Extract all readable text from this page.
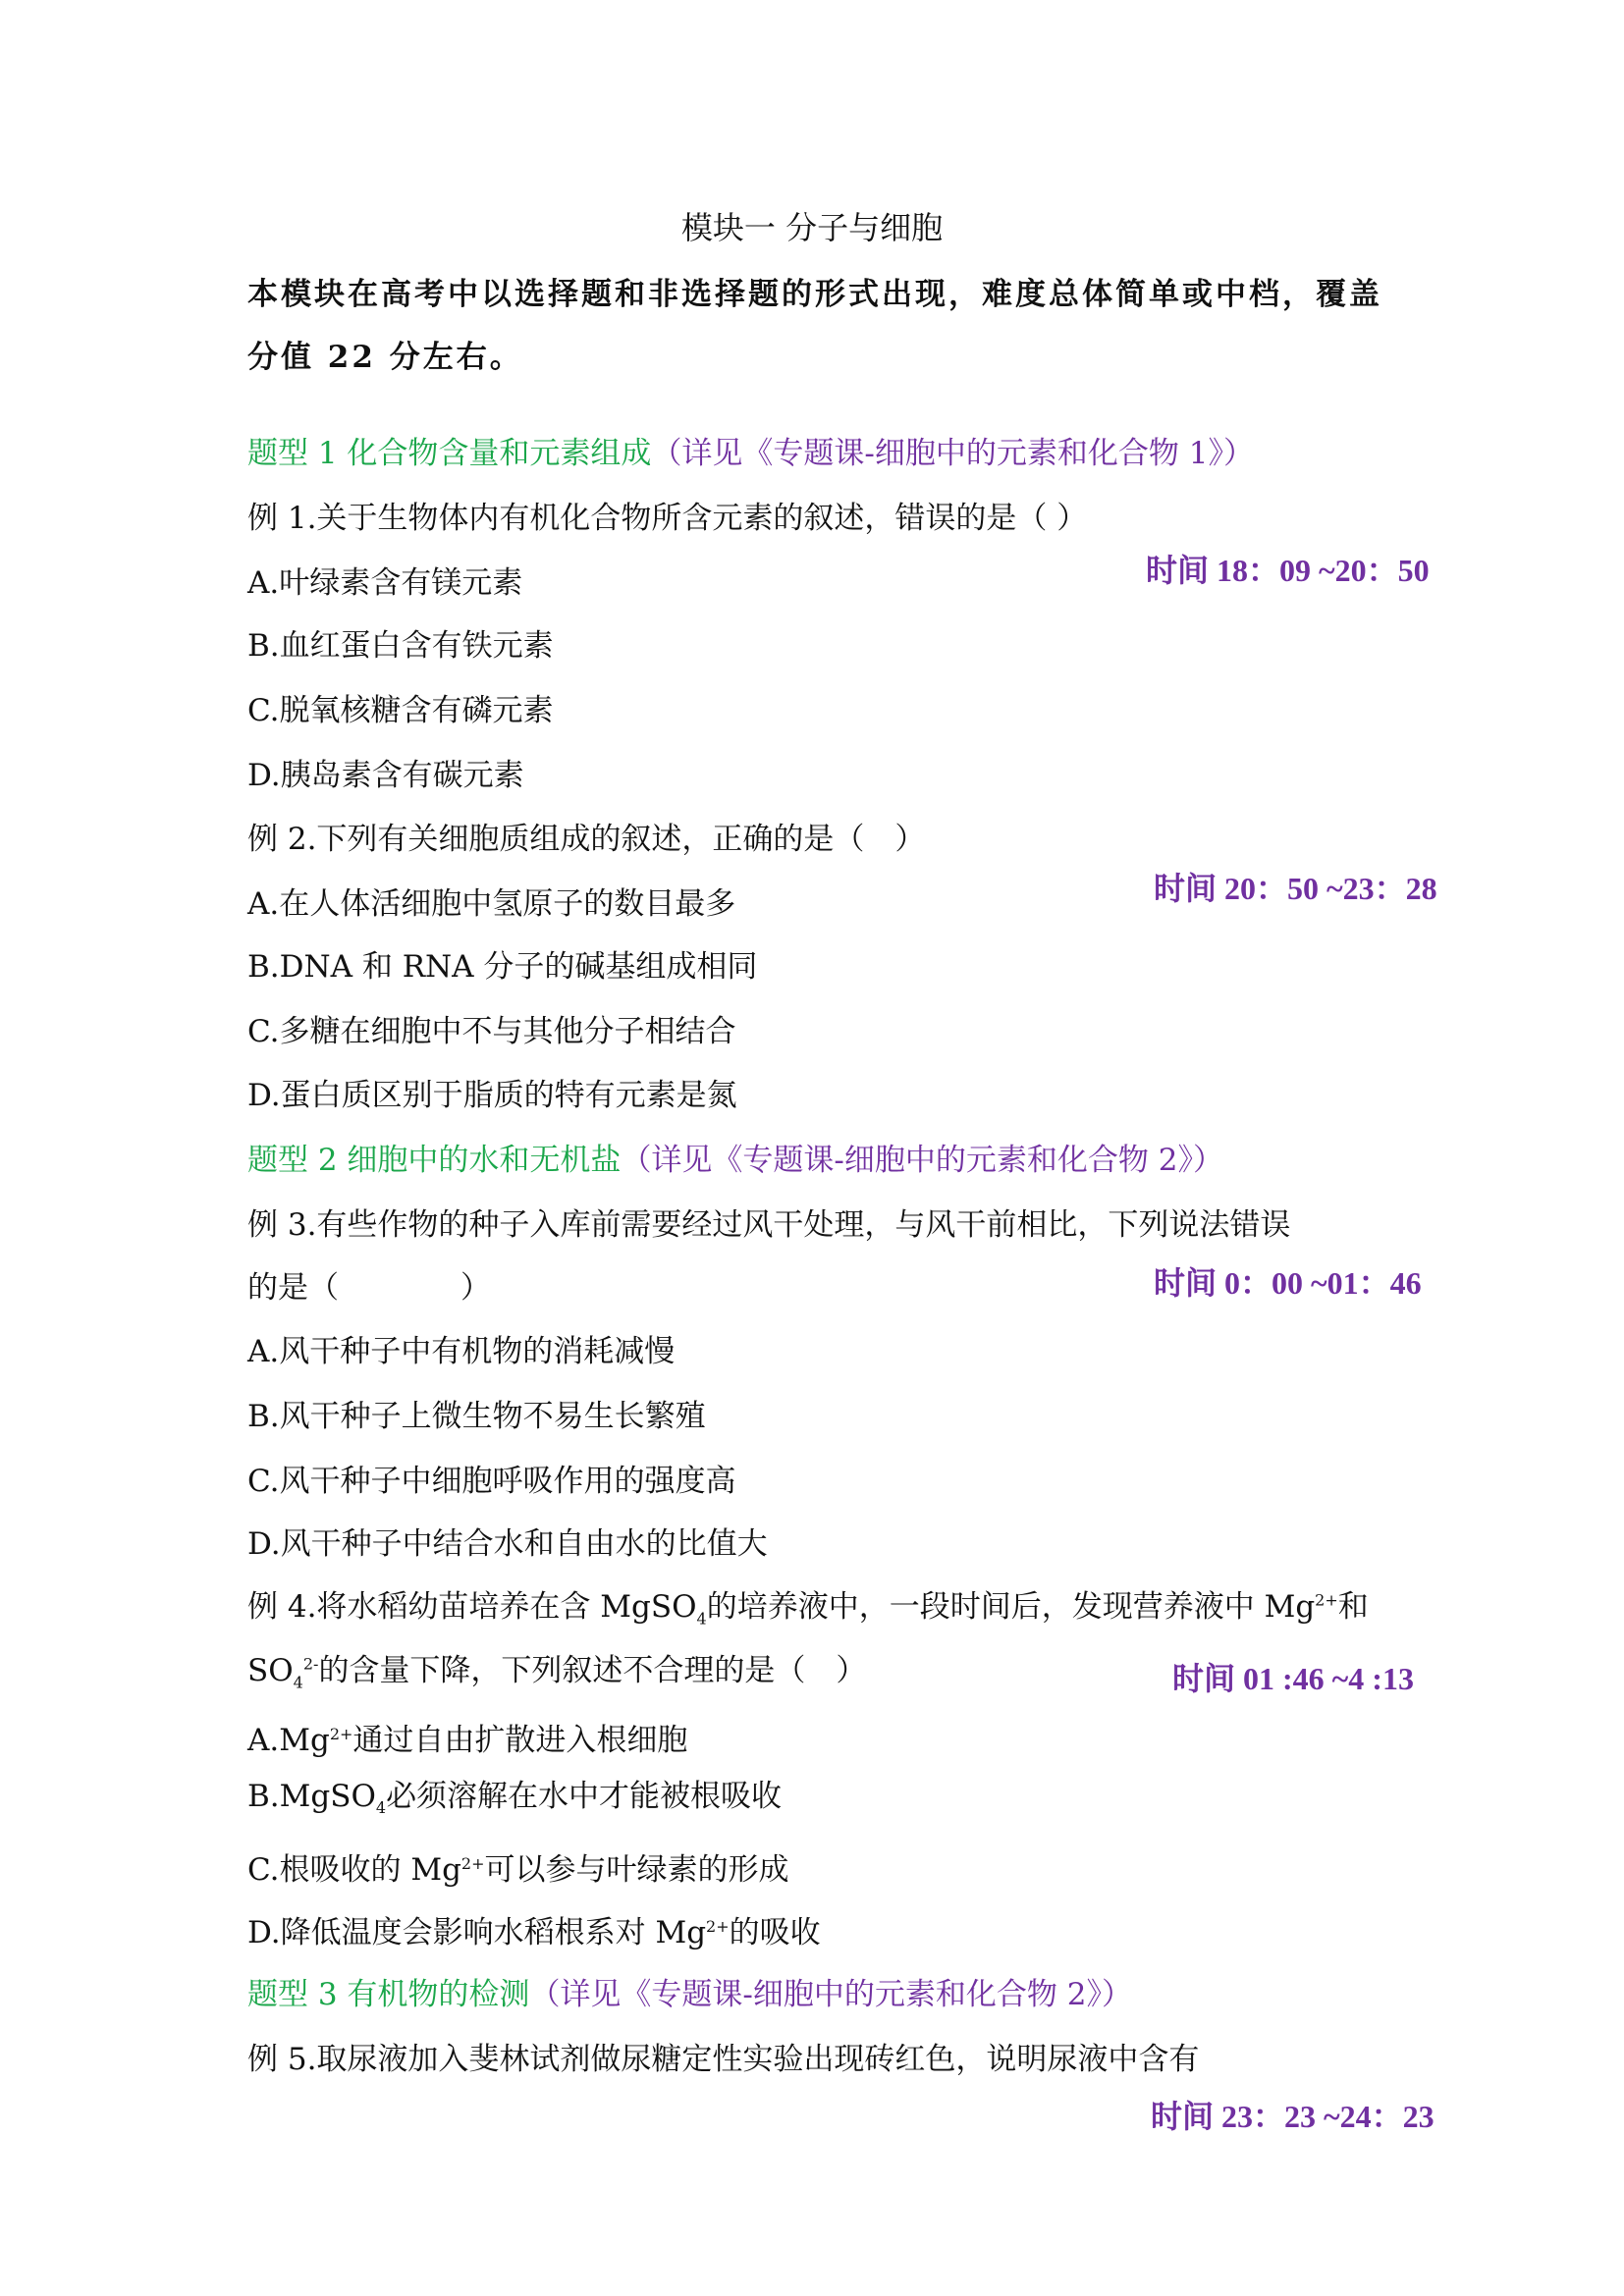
模块一 分子与细胞
本模块在高考中以选择题和非选择题的形式出现，难度总体简单或中档，覆盖
分值 22 分左右。
题型 1 化合物含量和元素组成（详见《专题课-细胞中的元素和化合物 1》）
例 1.关于生物体内有机化合物所含元素的叙述，错误的是（ ）
A.叶绿素含有镁元素
B.血红蛋白含有铁元素
C.脱氧核糖含有磷元素
D.胰岛素含有碳元素
时间 18：09 ~20：50
例 2.下列有关细胞质组成的叙述，正确的是（　）
A.在人体活细胞中氢原子的数目最多
B.DNA 和 RNA 分子的碱基组成相同
C.多糖在细胞中不与其他分子相结合
D.蛋白质区别于脂质的特有元素是氮
时间 20：50 ~23：28
题型 2 细胞中的水和无机盐（详见《专题课-细胞中的元素和化合物 2》）
例 3.有些作物的种子入库前需要经过风干处理，与风干前相比，下列说法错误
的是（　　　　）
A.风干种子中有机物的消耗减慢
B.风干种子上微生物不易生长繁殖
C.风干种子中细胞呼吸作用的强度高
D.风干种子中结合水和自由水的比值大
时间 0：00 ~01：46
例 4.将水稻幼苗培养在含 MgSO$_4$的培养液中，一段时间后，发现营养液中 $Mg^{2+}$和
$SO_4^{2-}$的含量下降，下列叙述不合理的是（　）
$A.Mg^{2+}$通过自由扩散进入根细胞
B.MgSO$_4$必须溶解在水中才能被根吸收
C.根吸收的 $Mg^{2+}$可以参与叶绿素的形成
D.降低温度会影响水稻根系对 $Mg^{2+}$的吸收
时间 01 :46 ~4 :13
题型 3 有机物的检测（详见《专题课-细胞中的元素和化合物 2》）
例 5.取尿液加入斐林试剂做尿糖定性实验出现砖红色，说明尿液中含有
时间 23：23 ~24：23
